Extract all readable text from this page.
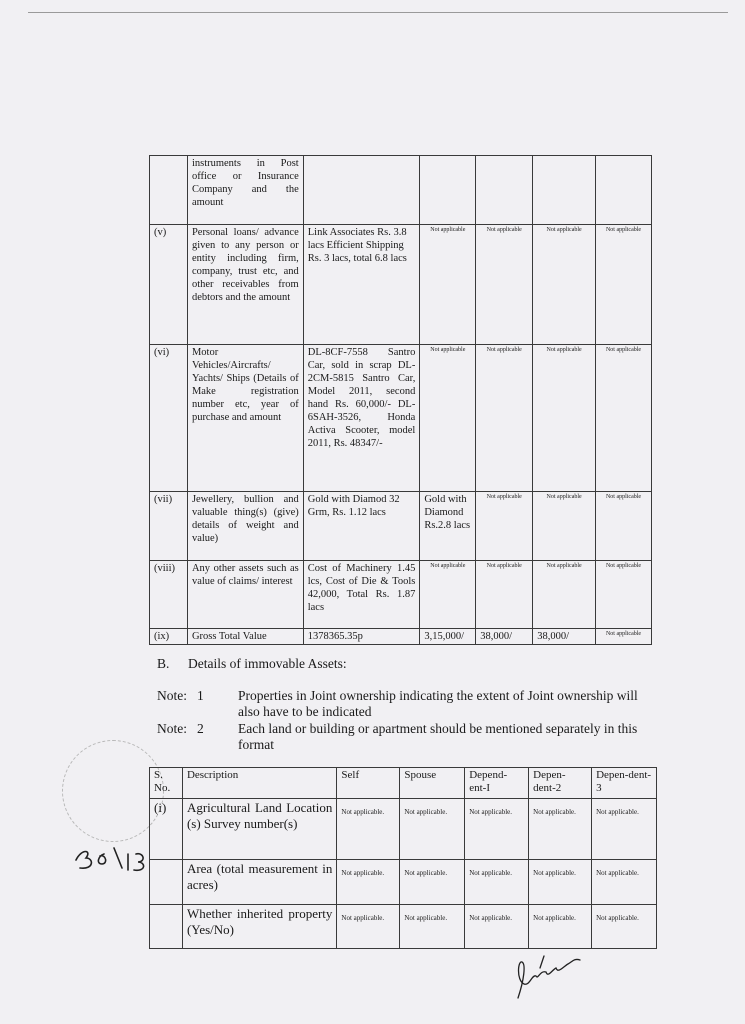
	instruments in Post office or Insurance Company and the amount					
(v)	Personal loans/ advance given to any person or entity including firm, company, trust etc, and other receivables from debtors and the amount	Link Associates Rs. 3.8 lacs Efficient Shipping Rs. 3 lacs, total 6.8 lacs	Not applicable	Not applicable	Not applicable	Not applicable
(vi)	Motor Vehicles/Aircrafts/ Yachts/ Ships (Details of Make registration number etc, year of purchase and amount	DL-8CF-7558 Santro Car, sold in scrap DL-2CM-5815 Santro Car, Model 2011, second hand Rs. 60,000/- DL-6SAH-3526, Honda Activa Scooter, model 2011, Rs. 48347/-	Not applicable	Not applicable	Not applicable	Not applicable
(vii)	Jewellery, bullion and valuable thing(s) (give) details of weight and value)	Gold with Diamod 32 Grm, Rs. 1.12 lacs	Gold with Diamond Rs.2.8 lacs	Not applicable	Not applicable	Not applicable
(viii)	Any other assets such as value of claims/ interest	Cost of Machinery 1.45 lcs, Cost of Die & Tools 42,000, Total Rs. 1.87 lacs	Not applicable	Not applicable	Not applicable	Not applicable
(ix)	Gross Total Value	1378365.35p	3,15,000/	38,000/	38,000/	Not applicable
B. Details of immovable Assets:
Note: 1	Properties in Joint ownership indicating the extent of Joint ownership will also have to be indicated
Note: 2	Each land or building or apartment should be mentioned separately in this format
S. No.	Description	Self	Spouse	Depend-ent-I	Depen-dent-2	Depen-dent-3
(i)	Agricultural Land Location (s) Survey number(s)	Not applicable.	Not applicable.	Not applicable.	Not applicable.	Not applicable.
	Area (total measurement in acres)	Not applicable.	Not applicable.	Not applicable.	Not applicable.	Not applicable.
	Whether inherited property (Yes/No)	Not applicable.	Not applicable.	Not applicable.	Not applicable.	Not applicable.
